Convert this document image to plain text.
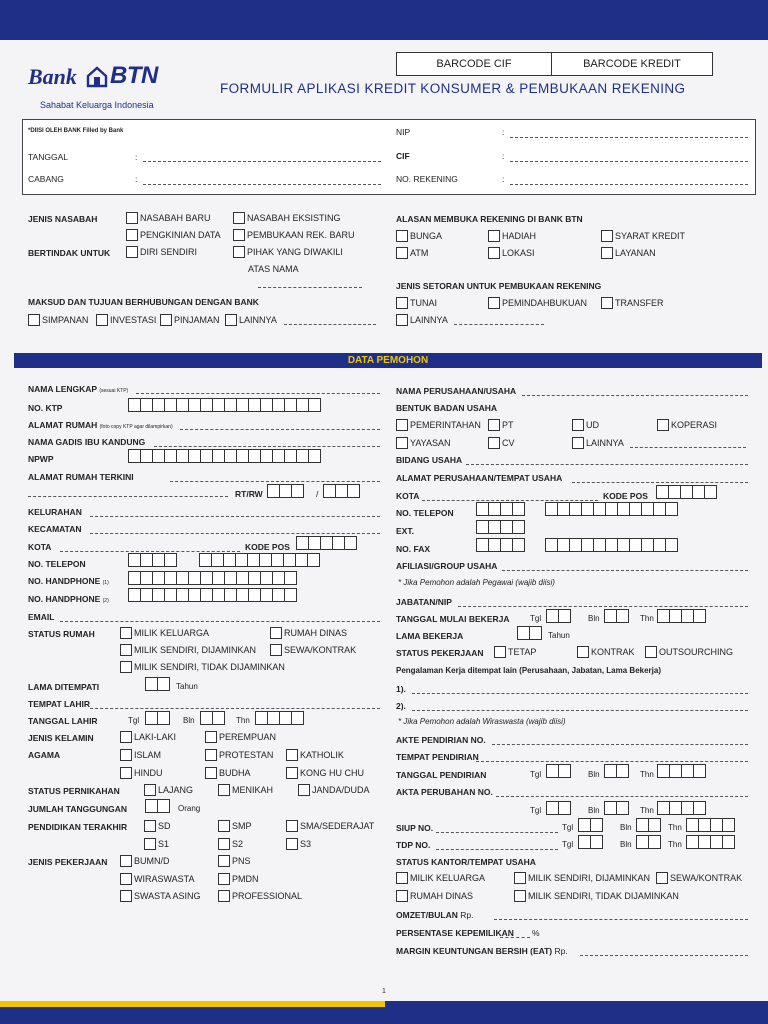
Bank BTN
Sahabat Keluarga Indonesia
BARCODE CIF	BARCODE KREDIT
FORMULIR APLIKASI KREDIT KONSUMER & PEMBUKAAN REKENING
*DIISI OLEH BANK Filled by Bank
TANGGAL	:
CABANG	:
NIP	:
CIF	:
NO. REKENING	:
JENIS NASABAH	NASABAH BARU	NASABAH EKSISTING
PENGKINIAN DATA	PEMBUKAAN REK. BARU
BERTINDAK UNTUK	DIRI SENDIRI	PIHAK YANG DIWAKILI
ATAS NAMA
MAKSUD DAN TUJUAN BERHUBUNGAN DENGAN BANK
SIMPANAN	INVESTASI	PINJAMAN	LAINNYA
ALASAN MEMBUKA REKENING DI BANK BTN
BUNGA	HADIAH	SYARAT KREDIT
ATM	LOKASI	LAYANAN
JENIS SETORAN UNTUK PEMBUKAAN REKENING
TUNAI	PEMINDAHBUKUAN	TRANSFER
LAINNYA
DATA PEMOHON
NAMA LENGKAP (sesuai KTP)
NO. KTP
ALAMAT RUMAH (foto copy KTP agar dilampirkan)
NAMA GADIS IBU KANDUNG
NPWP
ALAMAT RUMAH TERKINI
RT/RW	/
KELURAHAN
KECAMATAN
KOTA	KODE POS
NO. TELEPON
NO. HANDPHONE (1)
NO. HANDPHONE (2)
EMAIL
STATUS RUMAH	MILIK KELUARGA	RUMAH DINAS
MILIK SENDIRI, DIJAMINKAN	SEWA/KONTRAK
MILIK SENDIRI, TIDAK DIJAMINKAN
LAMA DITEMPATI	Tahun
TEMPAT LAHIR
TANGGAL LAHIR	Tgl	Bln	Thn
JENIS KELAMIN	LAKI-LAKI	PEREMPUAN
AGAMA	ISLAM	PROTESTAN	KATHOLIK
HINDU	BUDHA	KONG HU CHU
STATUS PERNIKAHAN	LAJANG	MENIKAH	JANDA/DUDA
JUMLAH TANGGUNGAN	Orang
PENDIDIKAN TERAKHIR	SD	SMP	SMA/SEDERAJAT
S1	S2	S3
JENIS PEKERJAAN	BUMN/D	PNS
WIRASWASTA	PMDN
SWASTA ASING	PROFESSIONAL
NAMA PERUSAHAAN/USAHA
BENTUK BADAN USAHA
PEMERINTAHAN	PT	UD	KOPERASI
YAYASAN	CV	LAINNYA
BIDANG USAHA
ALAMAT PERUSAHAAN/TEMPAT USAHA
KOTA	KODE POS
NO. TELEPON
EXT.
NO. FAX
AFILIASI/GROUP USAHA
* Jika Pemohon adalah Pegawai (wajib diisi)
JABATAN/NIP
TANGGAL MULAI BEKERJA	Tgl	Bln	Thn
LAMA BEKERJA	Tahun
STATUS PEKERJAAN	TETAP	KONTRAK	OUTSOURCHING
Pengalaman Kerja ditempat lain (Perusahaan, Jabatan, Lama Bekerja)
1).
2).
* Jika Pemohon adalah Wiraswasta (wajib diisi)
AKTE PENDIRIAN NO.
TEMPAT PENDIRIAN
TANGGAL PENDIRIAN	Tgl	Bln	Thn
AKTA PERUBAHAN NO.
Tgl	Bln	Thn
SIUP NO.	Tgl	Bln	Thn
TDP NO.	Tgl	Bln	Thn
STATUS KANTOR/TEMPAT USAHA
MILIK KELUARGA	MILIK SENDIRI, DIJAMINKAN	SEWA/KONTRAK
RUMAH DINAS	MILIK SENDIRI, TIDAK DIJAMINKAN
OMZET/BULAN Rp.
PERSENTASE KEPEMILIKAN %
MARGIN KEUNTUNGAN BERSIH (EAT) Rp.
1
